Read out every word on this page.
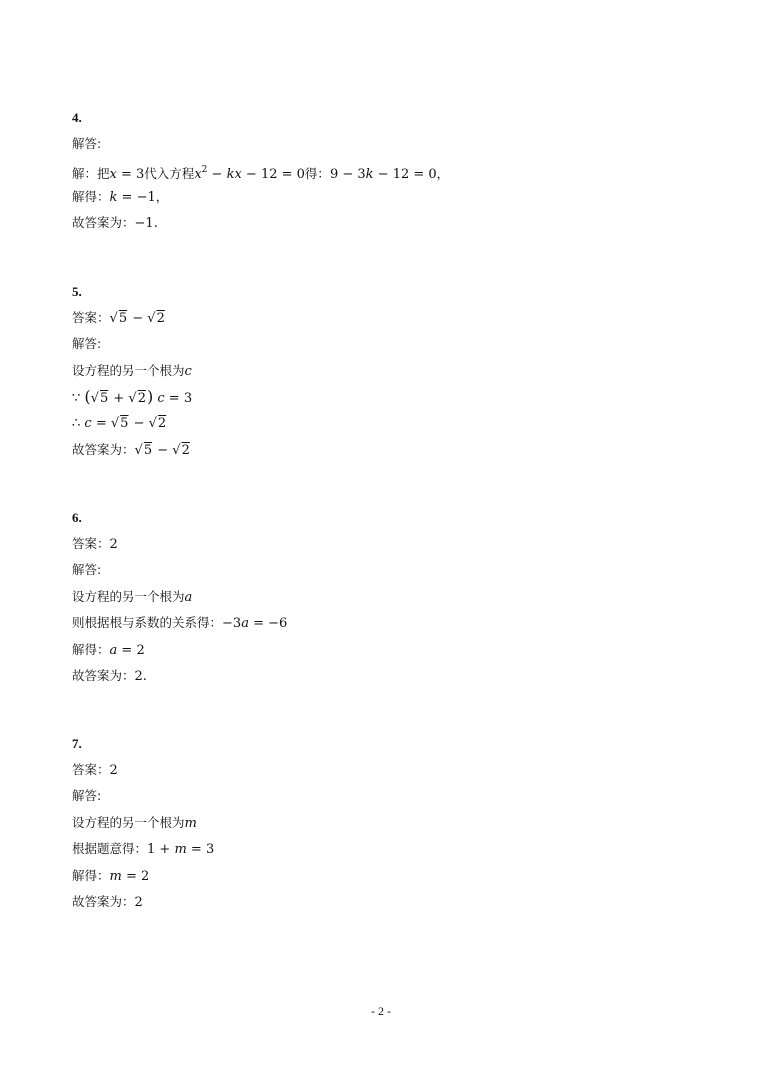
4.
解答:
解：把x = 3代入方程$x^2$ − kx − 12 = 0得：9 − 3k − 12 = 0，
解得：k = −1，
故答案为：−1.
5.
答案：√5 − √2
解答:
设方程的另一个根为c
∵ (√5 + √2) c = 3
∴ c = √5 − √2
故答案为：√5 − √2
6.
答案：2
解答:
设方程的另一个根为a
则根据根与系数的关系得：−3a = −6
解得：a = 2
故答案为：2.
7.
答案：2
解答:
设方程的另一个根为m
根据题意得：1 + m = 3
解得：m = 2
故答案为：2
- 2 -
